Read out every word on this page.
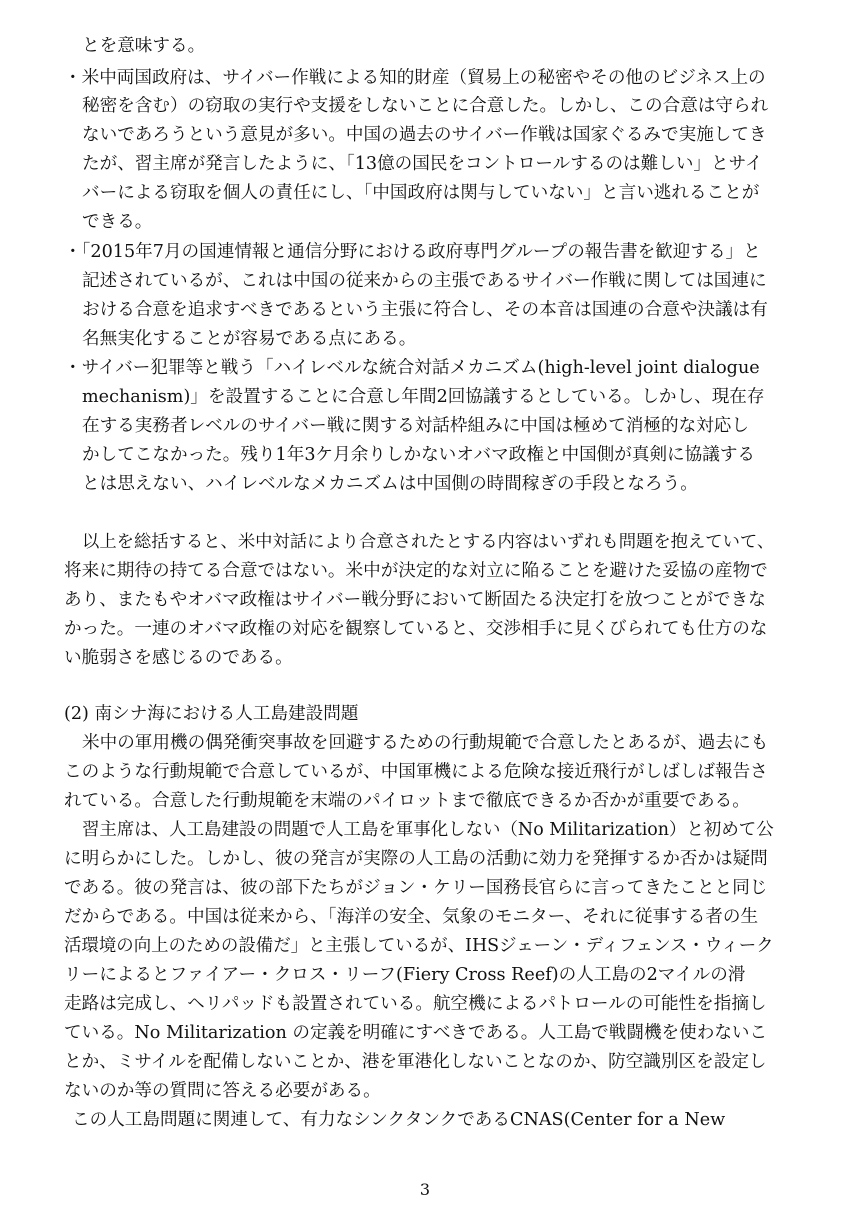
とを意味する。
・米中両国政府は、サイバー作戦による知的財産（貿易上の秘密やその他のビジネス上の
秘密を含む）の窃取の実行や支援をしないことに合意した。しかし、この合意は守られ
ないであろうという意見が多い。中国の過去のサイバー作戦は国家ぐるみで実施してき
たが、習主席が発言したように、「13億の国民をコントロールするのは難しい」とサイ
バーによる窃取を個人の責任にし、「中国政府は関与していない」と言い逃れることが
できる。
・「2015年7月の国連情報と通信分野における政府専門グループの報告書を歓迎する」と
記述されているが、これは中国の従来からの主張であるサイバー作戦に関しては国連に
おける合意を追求すべきであるという主張に符合し、その本音は国連の合意や決議は有
名無実化することが容易である点にある。
・サイバー犯罪等と戦う「ハイレベルな統合対話メカニズム(high-level joint dialogue
mechanism)」を設置することに合意し年間2回協議するとしている。しかし、現在存
在する実務者レベルのサイバー戦に関する対話枠組みに中国は極めて消極的な対応し
かしてこなかった。残り1年3ケ月余りしかないオバマ政権と中国側が真剣に協議する
とは思えない、ハイレベルなメカニズムは中国側の時間稼ぎの手段となろう。
以上を総括すると、米中対話により合意されたとする内容はいずれも問題を抱えていて、
将来に期待の持てる合意ではない。米中が決定的な対立に陥ることを避けた妥協の産物で
あり、またもやオバマ政権はサイバー戦分野において断固たる決定打を放つことができな
かった。一連のオバマ政権の対応を観察していると、交渉相手に見くびられても仕方のな
い脆弱さを感じるのである。
(2) 南シナ海における人工島建設問題
米中の軍用機の偶発衝突事故を回避するための行動規範で合意したとあるが、過去にも
このような行動規範で合意しているが、中国軍機による危険な接近飛行がしばしば報告さ
れている。合意した行動規範を末端のパイロットまで徹底できるか否かが重要である。
習主席は、人工島建設の問題で人工島を軍事化しない（No Militarization）と初めて公
に明らかにした。しかし、彼の発言が実際の人工島の活動に効力を発揮するか否かは疑問
である。彼の発言は、彼の部下たちがジョン・ケリー国務長官らに言ってきたことと同じ
だからである。中国は従来から、「海洋の安全、気象のモニター、それに従事する者の生
活環境の向上のための設備だ」と主張しているが、IHSジェーン・ディフェンス・ウィーク
リーによるとファイアー・クロス・リーフ(Fiery Cross Reef)の人工島の2マイルの滑
走路は完成し、ヘリパッドも設置されている。航空機によるパトロールの可能性を指摘し
ている。No Militarization の定義を明確にすべきである。人工島で戦闘機を使わないこ
とか、ミサイルを配備しないことか、港を軍港化しないことなのか、防空識別区を設定し
ないのか等の質問に答える必要がある。
この人工島問題に関連して、有力なシンクタンクであるCNAS(Center for a New
3
